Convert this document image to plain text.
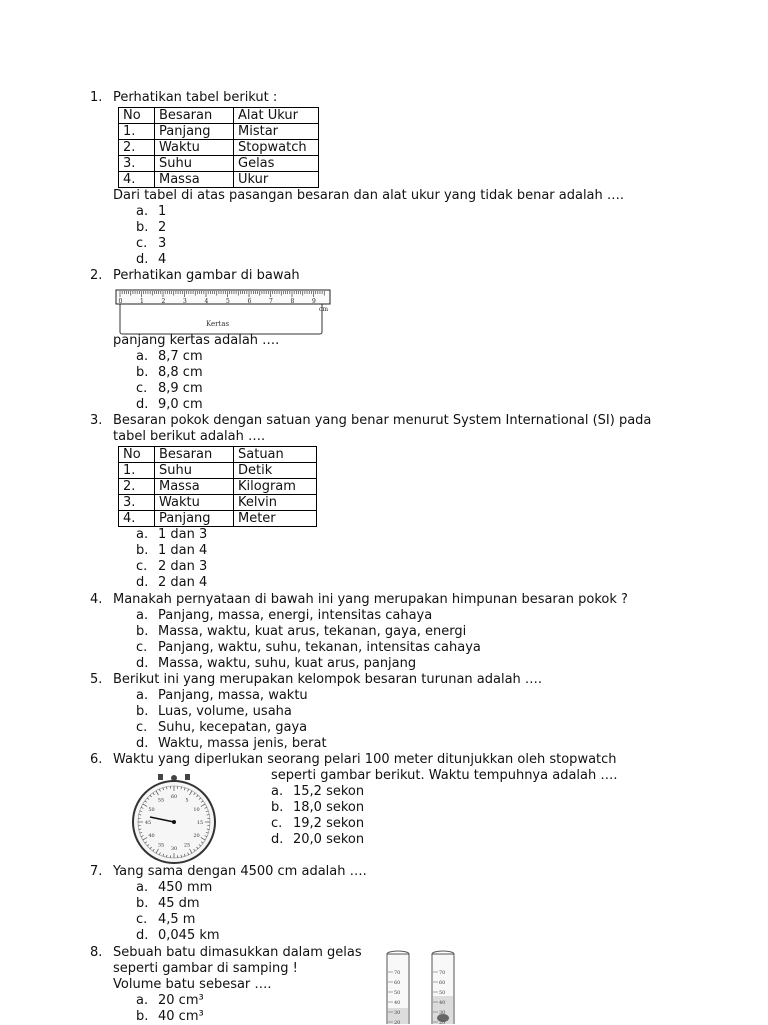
1. Perhatikan tabel berikut :
No	Besaran	Alat Ukur
1.	Panjang	Mistar
2.	Waktu	Stopwatch
3.	Suhu	Gelas
4.	Massa	Ukur
Dari tabel di atas pasangan besaran dan alat ukur yang tidak benar adalah ….
a. 1
b. 2
c. 3
d. 4
2. Perhatikan gambar di bawah
Kertas
0	1	2	3	4	5	6	7	8	9
cm
panjang kertas adalah ….
a. 8,7 cm
b. 8,8 cm
c. 8,9 cm
d. 9,0 cm
3. Besaran pokok dengan satuan yang benar menurut System International (SI) pada
tabel berikut adalah ….
No	Besaran	Satuan
1.	Suhu	Detik
2.	Massa	Kilogram
3.	Waktu	Kelvin
4.	Panjang	Meter
a. 1 dan 3
b. 1 dan 4
c. 2 dan 3
d. 2 dan 4
4. Manakah pernyataan di bawah ini yang merupakan himpunan besaran pokok ?
a. Panjang, massa, energi, intensitas cahaya
b. Massa, waktu, kuat arus, tekanan, gaya, energi
c. Panjang, waktu, suhu, tekanan, intensitas cahaya
d. Massa, waktu, suhu, kuat arus, panjang
5. Berikut ini yang merupakan kelompok besaran turunan adalah ….
a. Panjang, massa, waktu
b. Luas, volume, usaha
c. Suhu, kecepatan, gaya
d. Waktu, massa jenis, berat
6. Waktu yang diperlukan seorang pelari 100 meter ditunjukkan oleh stopwatch
seperti gambar berikut. Waktu tempuhnya adalah ….
30
25
35
20
40
15
45
10
50
5
55
60	a. 15,2 sekon
b. 18,0 sekon
c. 19,2 sekon
d. 20,0 sekon
7. Yang sama dengan 4500 cm adalah ….
a. 450 mm
b. 45 dm
c. 4,5 m
d. 0,045 km
8. Sebuah batu dimasukkan dalam gelas
seperti gambar di samping !
Volume batu sebesar ….
a. 20 cm³
b. 40 cm³
70
60
50
40
30
20
70
60
50
40
30
20
